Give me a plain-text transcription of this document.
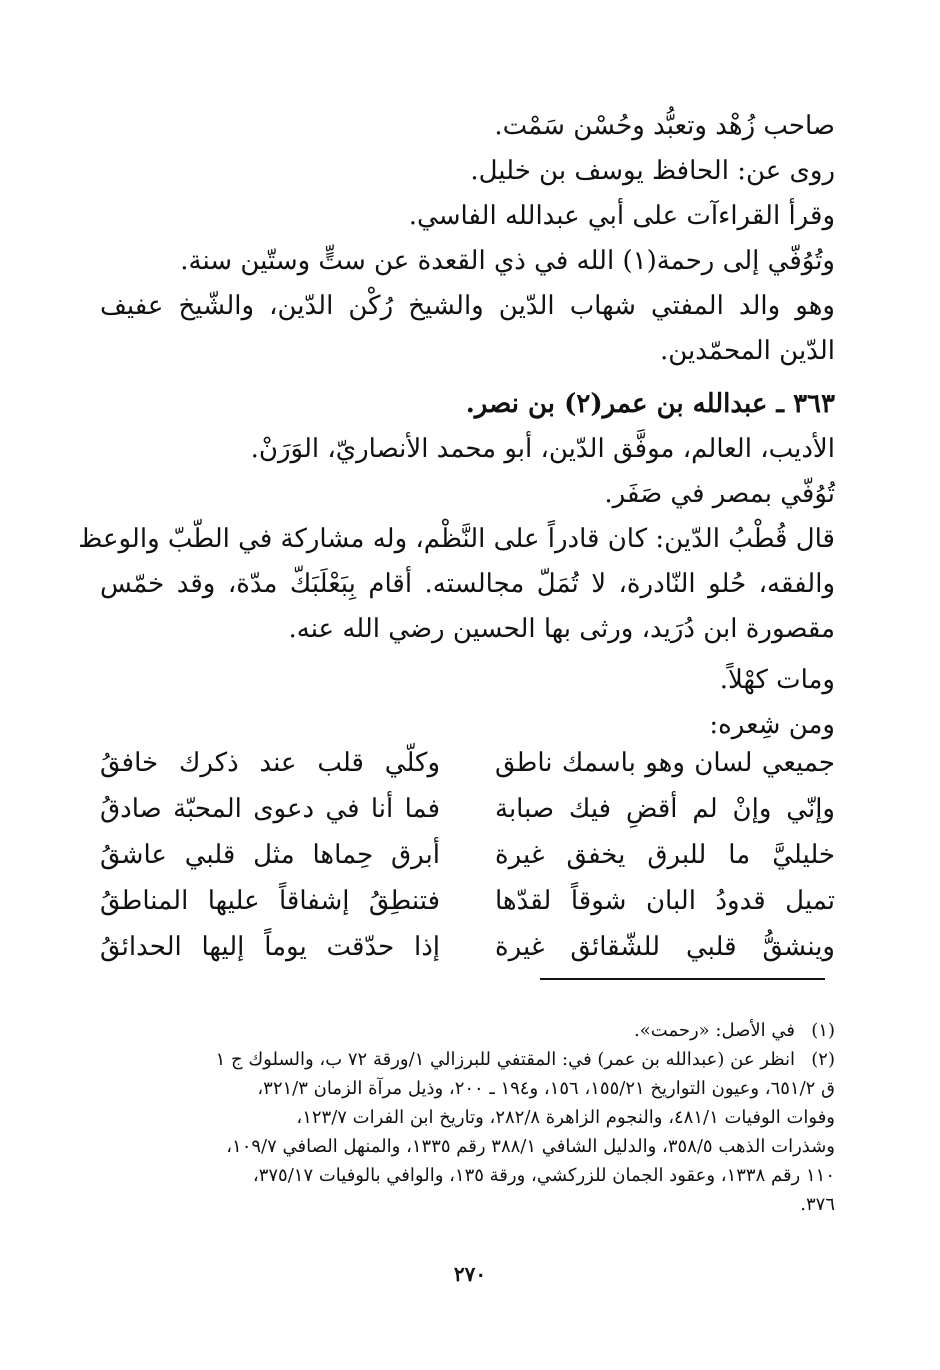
صاحب زُهْد وتعبُّد وحُسْن سَمْت.
روى عن: الحافظ يوسف بن خليل.
وقرأ القراءآت على أبي عبدالله الفاسي.
وتُوُفّي إلى رحمة(١) الله في ذي القعدة عن ستٍّ وستّين سنة.
وهو والد المفتي شهاب الدّين والشيخ رُكْن الدّين، والشّيخ عفيف
الدّين المحمّدين.
٣٦٣ ـ عبدالله بن عمر(٢) بن نصر.
الأديب، العالم، موفَّق الدّين، أبو محمد الأنصاريّ، الوَرَنْ.
تُوُفّي بمصر في صَفَر.
قال قُطْبُ الدّين: كان قادراً على النَّظْم، وله مشاركة في الطّبّ والوعظ
والفقه، حُلو النّادرة، لا تُمَلّ مجالسته. أقام بِبَعْلَبَكّ مدّة، وقد خمّس
مقصورة ابن دُرَيد، ورثى بها الحسين رضي الله عنه.
ومات كهْلاً.
ومن شِعره:
جميعي لسان وهو باسمك ناطق
وكلّي قلب عند ذكرك خافقُ
وإنّي وإنْ لم أقضِ فيك صبابة
فما أنا في دعوى المحبّة صادقُ
خليليَّ ما للبرق يخفق غيرة
أبرق حِماها مثل قلبي عاشقُ
تميل قدودُ البان شوقاً لقدّها
فتنطِقُ إشفاقاً عليها المناطقُ
وينشقُّ قلبي للشّقائق غيرة
إذا حدّقت يوماً إليها الحدائقُ
(١)في الأصل: «رحمت».
(٢)انظر عن (عبدالله بن عمر) في: المقتفي للبرزالي ١/ورقة ٧٢ ب، والسلوك ج ١
ق ٦٥١/٢، وعيون التواريخ ١٥٥/٢١، ١٥٦، و١٩٤ ـ ٢٠٠، وذيل مرآة الزمان ٣٢١/٣،
وفوات الوفيات ٤٨١/١، والنجوم الزاهرة ٢٨٢/٨، وتاريخ ابن الفرات ١٢٣/٧،
وشذرات الذهب ٣٥٨/٥، والدليل الشافي ٣٨٨/١ رقم ١٣٣٥، والمنهل الصافي ١٠٩/٧،
١١٠ رقم ١٣٣٨، وعقود الجمان للزركشي، ورقة ١٣٥، والوافي بالوفيات ٣٧٥/١٧،
٣٧٦.
٢٧٠
